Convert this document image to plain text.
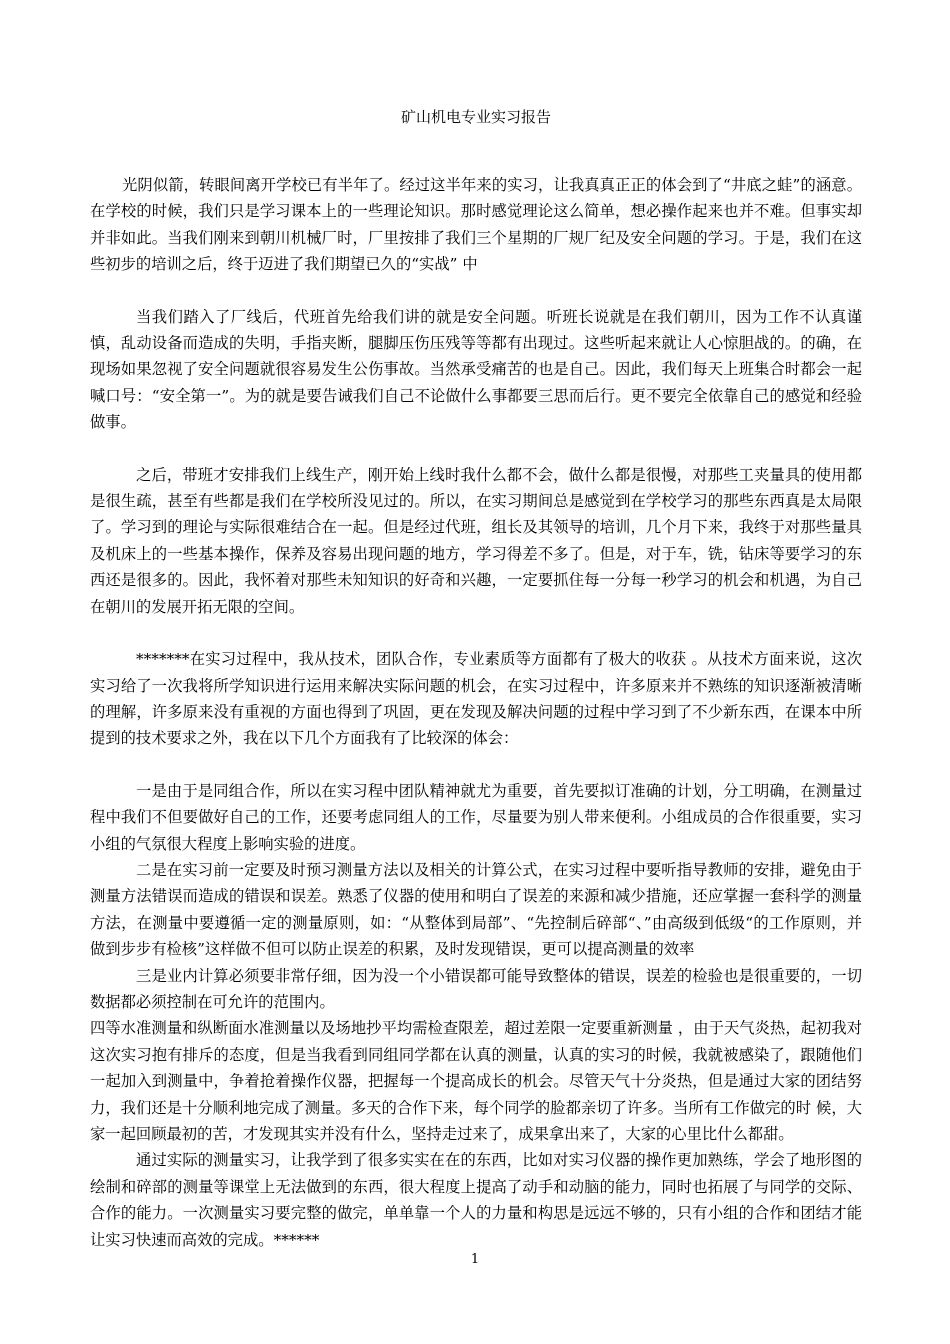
矿山机电专业实习报告

光阴似箭，转眼间离开学校已有半年了。经过这半年来的实习，让我真真正正的体会到了“井底之蛙”的涵意。 在学校的时候，我们只是学习课本上的一些理论知识。那时感觉理论这么简单，想必操作起来也并不难。但事实却并非如此。当我们刚来到朝川机械厂时，厂里按排了我们三个星期的厂规厂纪及安全问题的学习。于是，我们在这些初步的培训之后，终于迈进了我们期望已久的“实战” 中

当我们踏入了厂线后，代班首先给我们讲的就是安全问题。听班长说就是在我们朝川，因为工作不认真谨慎，乱动设备而造成的失明，手指夹断，腿脚压伤压残等等都有出现过。这些听起来就让人心惊胆战的。的确，在现场如果忽视了安全问题就很容易发生公伤事故。当然承受痛苦的也是自己。因此，我们每天上班集合时都会一起喊口号：“安全第一”。为的就是要告诫我们自己不论做什么事都要三思而后行。更不要完全依靠自己的感觉和经验做事。

之后，带班才安排我们上线生产，刚开始上线时我什么都不会，做什么都是很慢，对那些工夹量具的使用都是很生疏，甚至有些都是我们在学校所没见过的。所以，在实习期间总是感觉到在学校学习的那些东西真是太局限了。学习到的理论与实际很难结合在一起。但是经过代班，组长及其领导的培训，几个月下来，我终于对那些量具及机床上的一些基本操作，保养及容易出现问题的地方，学习得差不多了。但是，对于车，铣，钻床等要学习的东西还是很多的。因此，我怀着对那些未知知识的好奇和兴趣，一定要抓住每一分每一秒学习的机会和机遇，为自己在朝川的发展开拓无限的空间。

*******在实习过程中，我从技术，团队合作，专业素质等方面都有了极大的收获 。从技术方面来说，这次实习给了一次我将所学知识进行运用来解决实际问题的机会，在实习过程中，许多原来并不熟练的知识逐渐被清晰的理解，许多原来没有重视的方面也得到了巩固，更在发现及解决问题的过程中学习到了不少新东西，在课本中所提到的技术要求之外，我在以下几个方面我有了比较深的体会：

一是由于是同组合作，所以在实习程中团队精神就尤为重要，首先要拟订准确的计划，分工明确，在测量过程中我们不但要做好自己的工作，还要考虑同组人的工作，尽量要为别人带来便利。小组成员的合作很重要，实习小组的气氛很大程度上影响实验的进度。

二是在实习前一定要及时预习测量方法以及相关的计算公式，在实习过程中要听指导教师的安排，避免由于测量方法错误而造成的错误和误差。熟悉了仪器的使用和明白了误差的来源和减少措施，还应掌握一套科学的测量方法，在测量中要遵循一定的测量原则，如：“从整体到局部”、“先控制后碎部“、”由高级到低级“的工作原则，并做到步步有检核”这样做不但可以防止误差的积累，及时发现错误，更可以提高测量的效率

三是业内计算必须要非常仔细，因为没一个小错误都可能导致整体的错误，误差的检验也是很重要的，一切数据都必须控制在可允许的范围内。

四等水准测量和纵断面水准测量以及场地抄平均需检查限差，超过差限一定要重新测量 ，由于天气炎热，起初我对这次实习抱有排斥的态度，但是当我看到同组同学都在认真的测量，认真的实习的时候，我就被感染了，跟随他们一起加入到测量中，争着抢着操作仪器，把握每一个提高成长的机会。尽管天气十分炎热，但是通过大家的团结努力，我们还是十分顺利地完成了测量。多天的合作下来，每个同学的脸都亲切了许多。当所有工作做完的时 候，大家一起回顾最初的苦，才发现其实并没有什么，坚持走过来了，成果拿出来了，大家的心里比什么都甜。

通过实际的测量实习，让我学到了很多实实在在的东西，比如对实习仪器的操作更加熟练，学会了地形图的绘制和碎部的测量等课堂上无法做到的东西，很大程度上提高了动手和动脑的能力，同时也拓展了与同学的交际、合作的能力。一次测量实习要完整的做完，单单靠一个人的力量和构思是远远不够的，只有小组的合作和团结才能让实习快速而高效的完成。******

1
